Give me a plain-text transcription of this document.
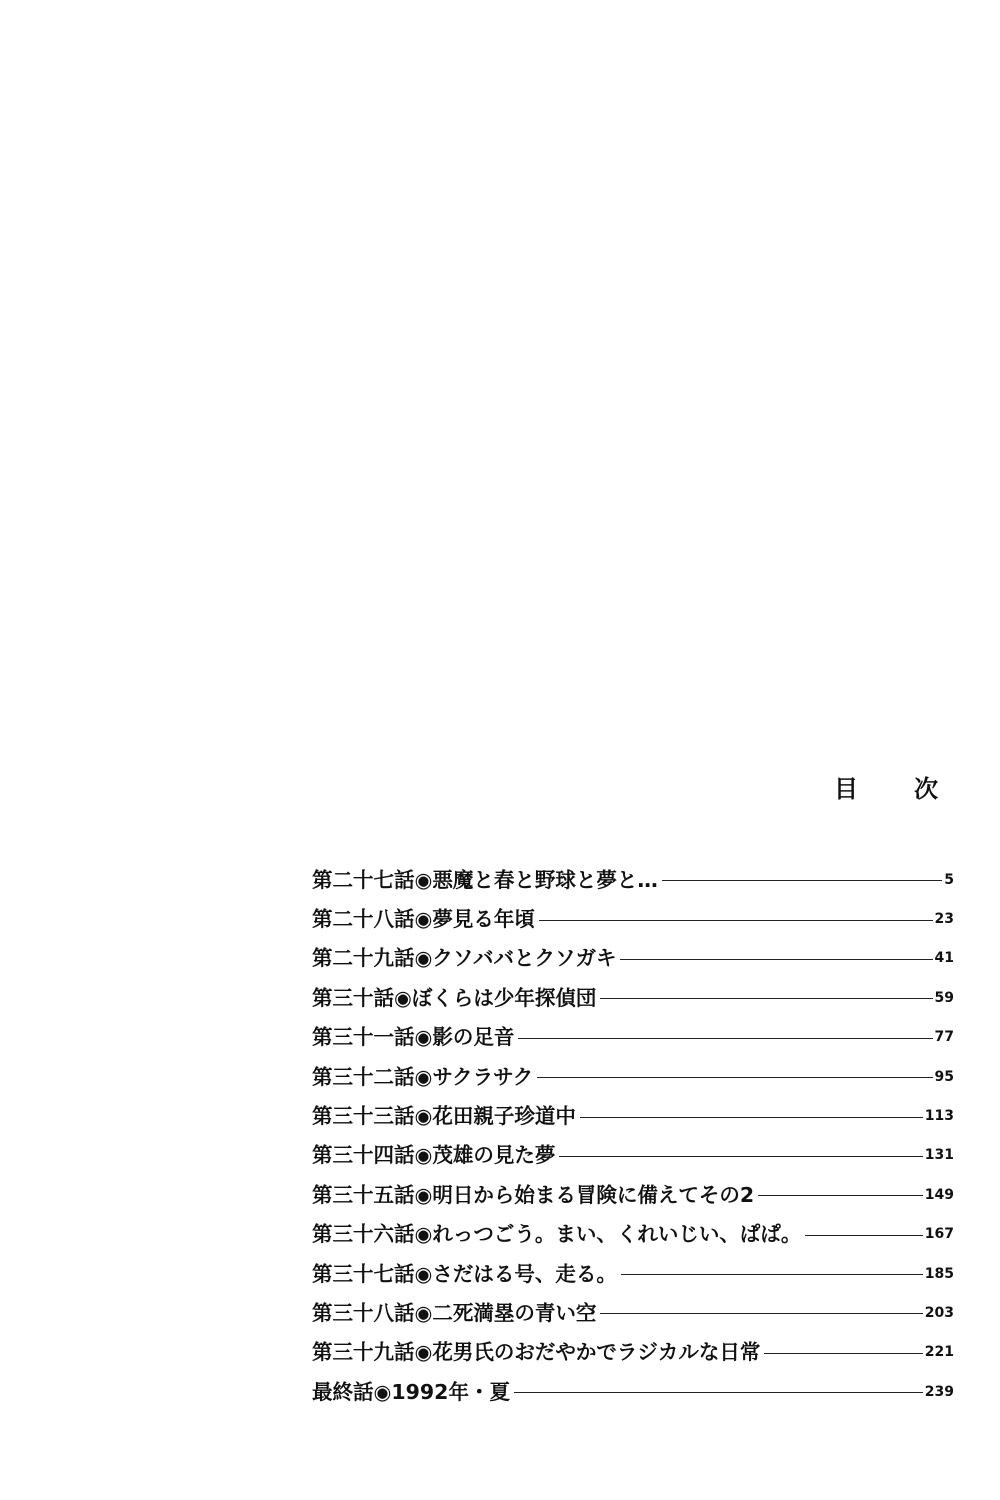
目　次
第二十七話◉悪魔と春と野球と夢と…	5
第二十八話◉夢見る年頃	23
第二十九話◉クソババとクソガキ	41
第三十話◉ぼくらは少年探偵団	59
第三十一話◉影の足音	77
第三十二話◉サクラサク	95
第三十三話◉花田親子珍道中	113
第三十四話◉茂雄の見た夢	131
第三十五話◉明日から始まる冒険に備えてその2	149
第三十六話◉れっつごう。まい、くれいじい、ぱぱ。	167
第三十七話◉さだはる号、走る。	185
第三十八話◉二死満塁の青い空	203
第三十九話◉花男氏のおだやかでラジカルな日常	221
最終話◉1992年・夏	239
